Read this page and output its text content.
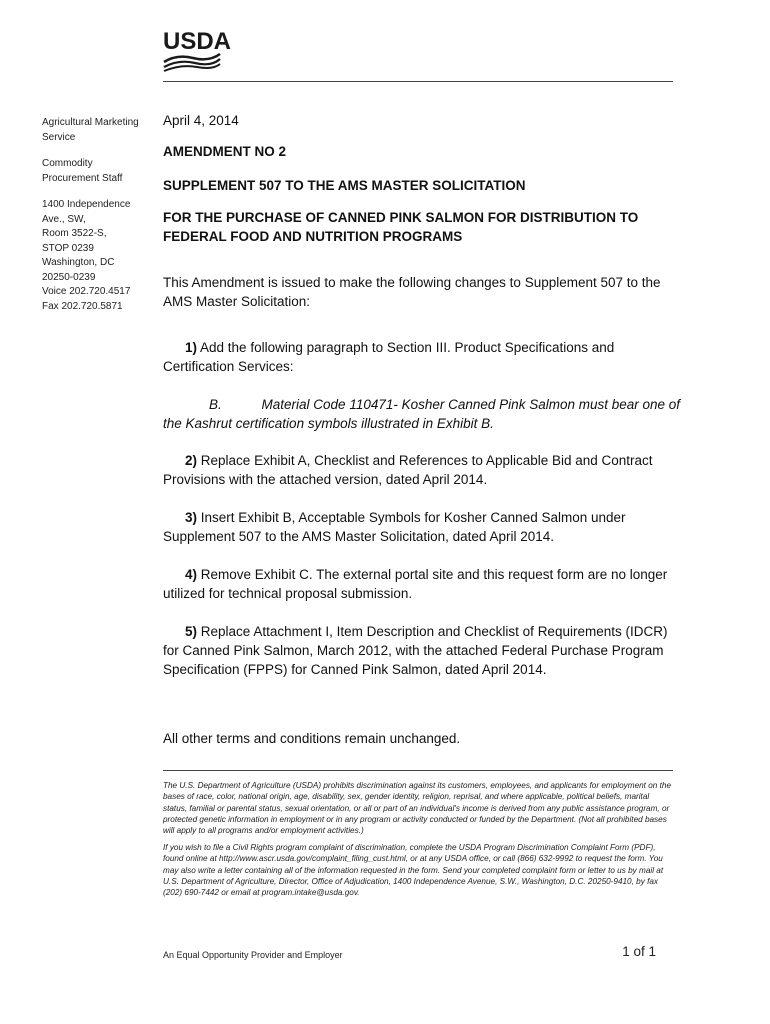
USDA

Agricultural Marketing Service

Commodity Procurement Staff

1400 Independence
Ave., SW,
Room 3522-S,
STOP 0239
Washington, DC
20250-0239
Voice 202.720.4517
Fax 202.720.5871

April 4, 2014
AMENDMENT NO 2
SUPPLEMENT 507 TO THE AMS MASTER SOLICITATION
FOR THE PURCHASE OF CANNED PINK SALMON FOR DISTRIBUTION TO FEDERAL FOOD AND NUTRITION PROGRAMS
This Amendment is issued to make the following changes to Supplement 507 to the AMS Master Solicitation:
1) Add the following paragraph to Section III. Product Specifications and Certification Services:
B.	Material Code 110471- Kosher Canned Pink Salmon must bear one of the Kashrut certification symbols illustrated in Exhibit B.
2) Replace Exhibit A, Checklist and References to Applicable Bid and Contract Provisions with the attached version, dated April 2014.
3) Insert Exhibit B, Acceptable Symbols for Kosher Canned Salmon under Supplement 507 to the AMS Master Solicitation, dated April 2014.
4) Remove Exhibit C. The external portal site and this request form are no longer utilized for technical proposal submission.
5) Replace Attachment I, Item Description and Checklist of Requirements (IDCR) for Canned Pink Salmon, March 2012, with the attached Federal Purchase Program Specification (FPPS) for Canned Pink Salmon, dated April 2014.
All other terms and conditions remain unchanged.
The U.S. Department of Agriculture (USDA) prohibits discrimination against its customers, employees, and applicants for employment on the bases of race, color, national origin, age, disability, sex, gender identity, religion, reprisal, and where applicable, political beliefs, marital status, familial or parental status, sexual orientation, or all or part of an individual's income is derived from any public assistance program, or protected genetic information in employment or in any program or activity conducted or funded by the Department. (Not all prohibited bases will apply to all programs and/or employment activities.)
If you wish to file a Civil Rights program complaint of discrimination, complete the USDA Program Discrimination Complaint Form (PDF), found online at http://www.ascr.usda.gov/complaint_filing_cust.html, or at any USDA office, or call (866) 632-9992 to request the form. You may also write a letter containing all of the information requested in the form. Send your completed complaint form or letter to us by mail at U.S. Department of Agriculture, Director, Office of Adjudication, 1400 Independence Avenue, S.W., Washington, D.C. 20250-9410, by fax (202) 690-7442 or email at program.intake@usda.gov.
An Equal Opportunity Provider and Employer	1 of 1
